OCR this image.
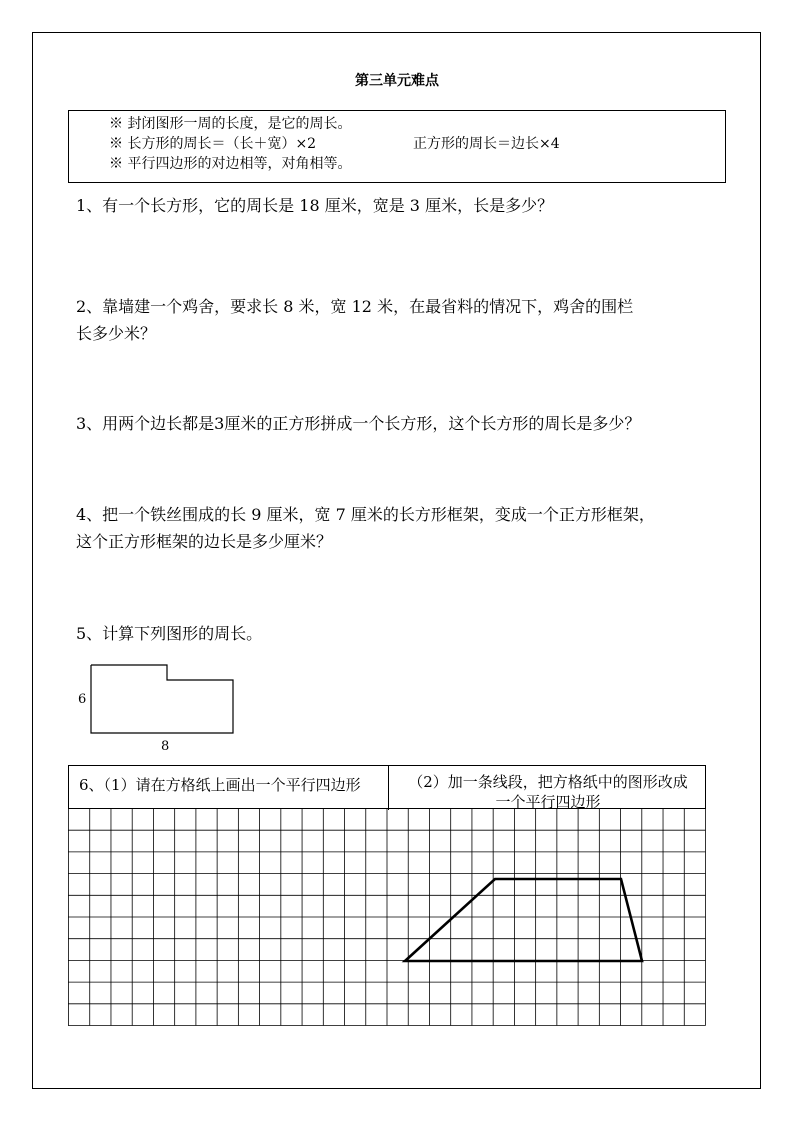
第三单元难点
※ 封闭图形一周的长度，是它的周长。
※ 长方形的周长＝（长＋宽）×2	正方形的周长＝边长×4
※ 平行四边形的对边相等，对角相等。
1、有一个长方形，它的周长是 18 厘米，宽是 3 厘米，长是多少？
2、靠墙建一个鸡舍，要求长 8 米，宽 12 米，在最省料的情况下，鸡舍的围栏
长多少米？
3、用两个边长都是3厘米的正方形拼成一个长方形，这个长方形的周长是多少？
4、把一个铁丝围成的长 9 厘米，宽 7 厘米的长方形框架，变成一个正方形框架，
这个正方形框架的边长是多少厘米？
5、计算下列图形的周长。
6
8
6、（1）请在方格纸上画出一个平行四边形	（2）加一条线段，把方格纸中的图形改成
一个平行四边形
